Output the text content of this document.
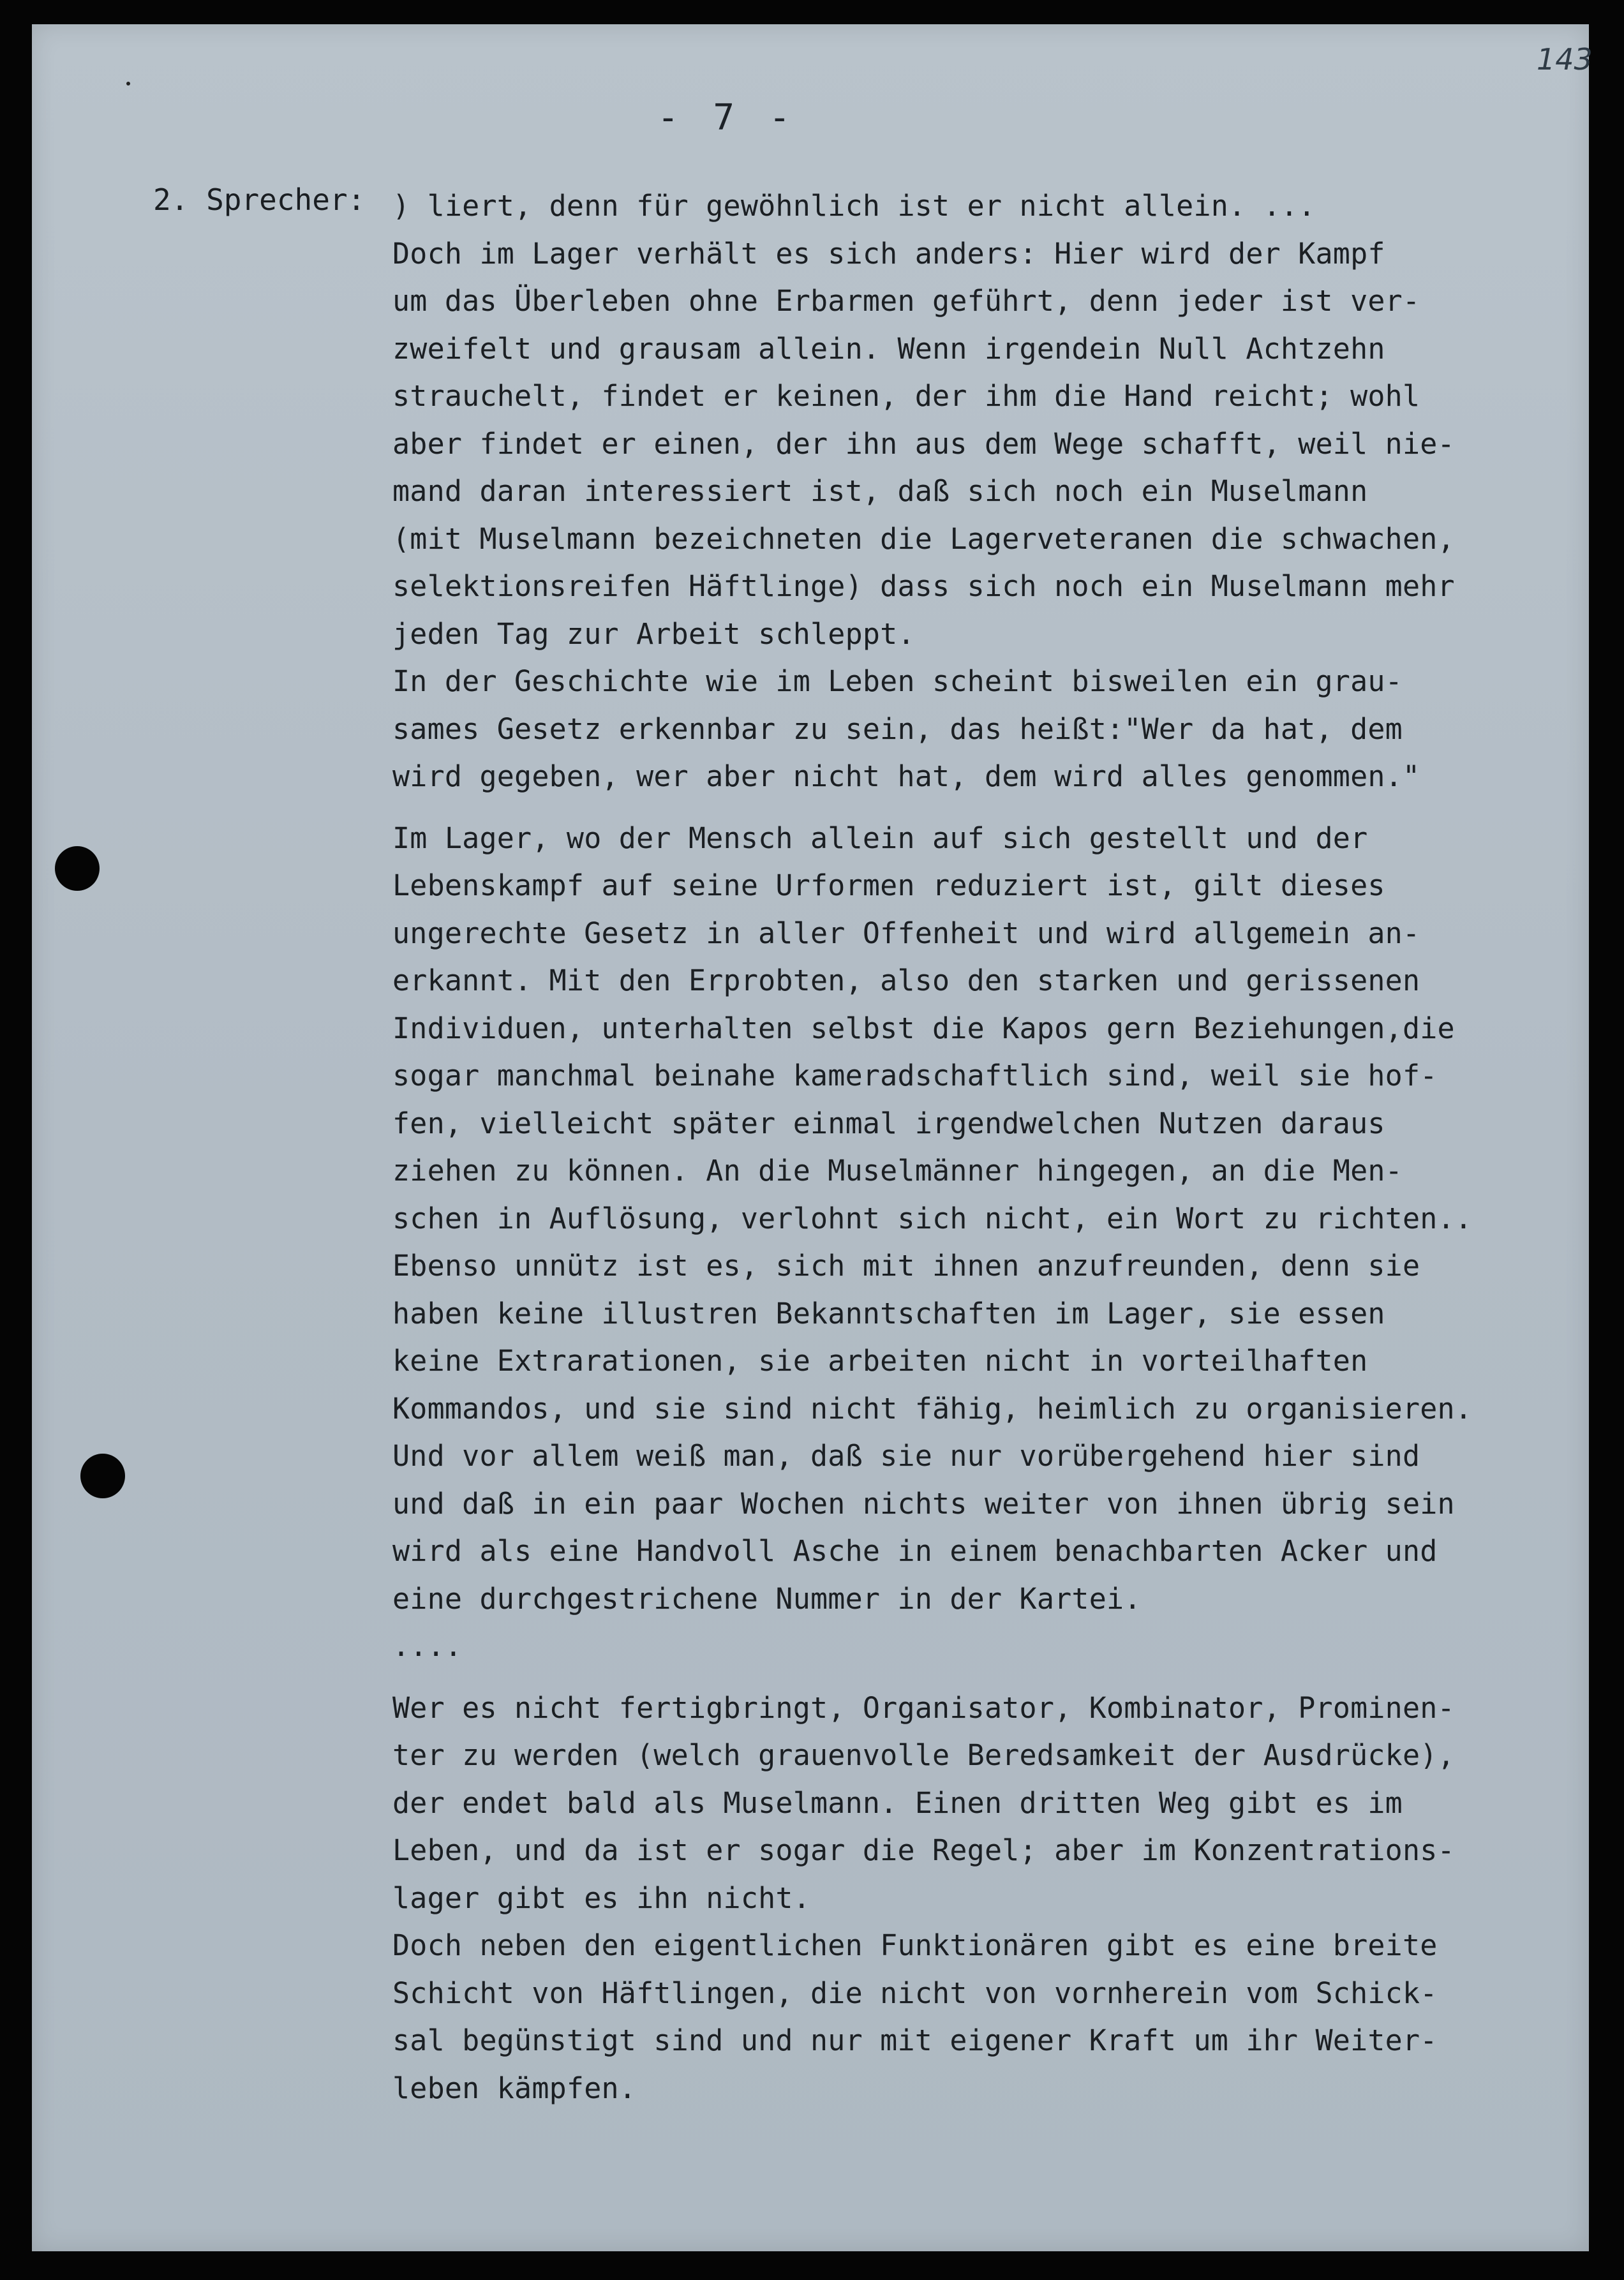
143
- 7 -
2. Sprecher: ) liert, denn für gewöhnlich ist er nicht allein. ...
Doch im Lager verhält es sich anders: Hier wird der Kampf
um das Überleben ohne Erbarmen geführt, denn jeder ist ver-
zweifelt und grausam allein. Wenn irgendein Null Achtzehn
strauchelt, findet er keinen, der ihm die Hand reicht; wohl
aber findet er einen, der ihn aus dem Wege schafft, weil nie-
mand daran interessiert ist, daß sich noch ein Muselmann
(mit Muselmann bezeichneten die Lagerveteranen die schwachen,
selektionsreifen Häftlinge) dass sich noch ein Muselmann mehr
jeden Tag zur Arbeit schleppt.
In der Geschichte wie im Leben scheint bisweilen ein grau-
sames Gesetz erkennbar zu sein, das heißt:"Wer da hat, dem
wird gegeben, wer aber nicht hat, dem wird alles genommen."
Im Lager, wo der Mensch allein auf sich gestellt und der
Lebenskampf auf seine Urformen reduziert ist, gilt dieses
ungerechte Gesetz in aller Offenheit und wird allgemein an-
erkannt. Mit den Erprobten, also den starken und gerissenen
Individuen, unterhalten selbst die Kapos gern Beziehungen,die
sogar manchmal beinahe kameradschaftlich sind, weil sie hof-
fen, vielleicht später einmal irgendwelchen Nutzen daraus
ziehen zu können. An die Muselmänner hingegen, an die Men-
schen in Auflösung, verlohnt sich nicht, ein Wort zu richten..
Ebenso unnütz ist es, sich mit ihnen anzufreunden, denn sie
haben keine illustren Bekanntschaften im Lager, sie essen
keine Extrarationen, sie arbeiten nicht in vorteilhaften
Kommandos, und sie sind nicht fähig, heimlich zu organisieren.
Und vor allem weiß man, daß sie nur vorübergehend hier sind
und daß in ein paar Wochen nichts weiter von ihnen übrig sein
wird als eine Handvoll Asche in einem benachbarten Acker und
eine durchgestrichene Nummer in der Kartei.
....
Wer es nicht fertigbringt, Organisator, Kombinator, Prominen-
ter zu werden (welch grauenvolle Beredsamkeit der Ausdrücke),
der endet bald als Muselmann. Einen dritten Weg gibt es im
Leben, und da ist er sogar die Regel; aber im Konzentrations-
lager gibt es ihn nicht.
Doch neben den eigentlichen Funktionären gibt es eine breite
Schicht von Häftlingen, die nicht von vornherein vom Schick-
sal begünstigt sind und nur mit eigener Kraft um ihr Weiter-
leben kämpfen.
